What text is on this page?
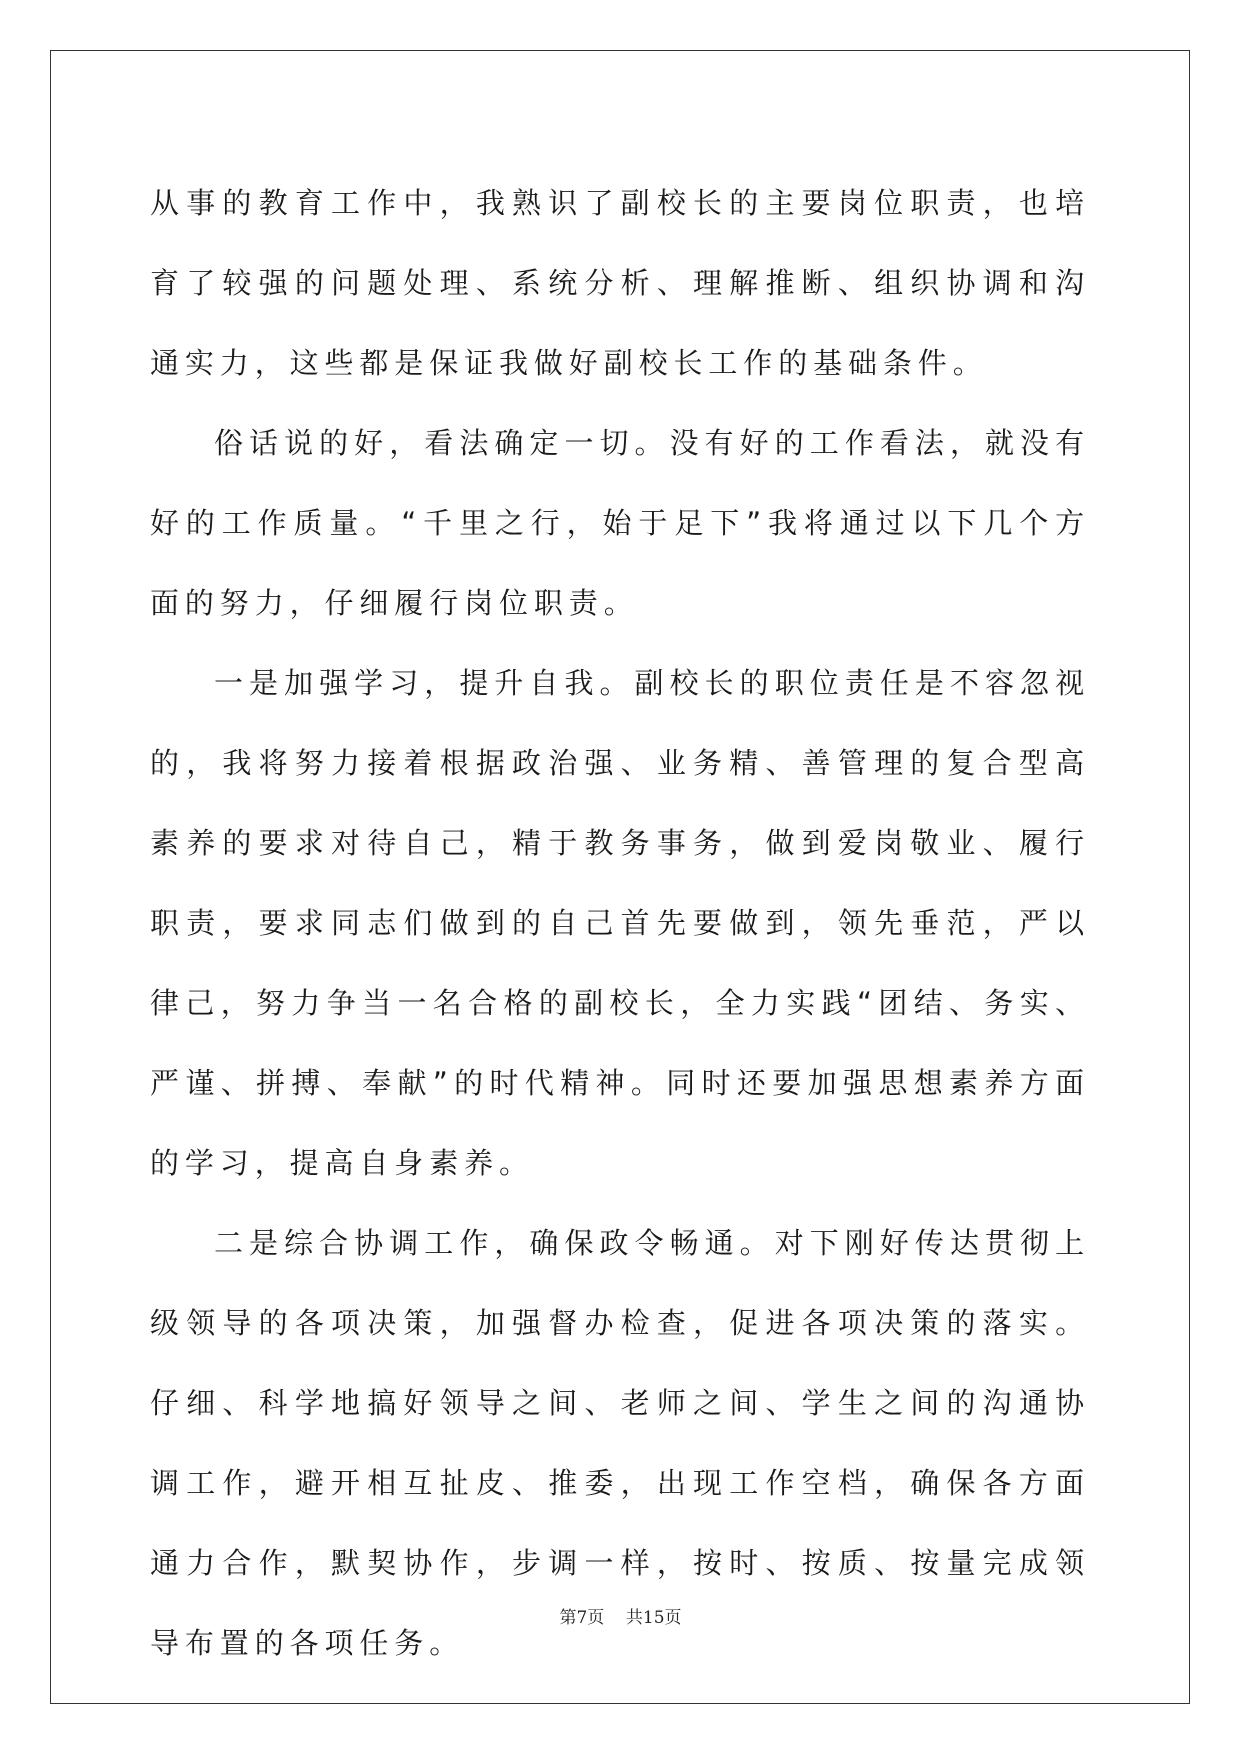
从事的教育工作中，我熟识了副校长的主要岗位职责，也培育了较强的问题处理、系统分析、理解推断、组织协调和沟通实力，这些都是保证我做好副校长工作的基础条件。

俗话说的好，看法确定一切。没有好的工作看法，就没有好的工作质量。“千里之行，始于足下”我将通过以下几个方面的努力，仔细履行岗位职责。

一是加强学习，提升自我。副校长的职位责任是不容忽视的，我将努力接着根据政治强、业务精、善管理的复合型高素养的要求对待自己，精于教务事务，做到爱岗敬业、履行职责，要求同志们做到的自己首先要做到，领先垂范，严以律己，努力争当一名合格的副校长，全力实践“团结、务实、严谨、拼搏、奉献”的时代精神。同时还要加强思想素养方面的学习，提高自身素养。

二是综合协调工作，确保政令畅通。对下刚好传达贯彻上级领导的各项决策，加强督办检查，促进各项决策的落实。仔细、科学地搞好领导之间、老师之间、学生之间的沟通协调工作，避开相互扯皮、推委，出现工作空档，确保各方面通力合作，默契协作，步调一样，按时、按质、按量完成领导布置的各项任务。

第7页 共15页
